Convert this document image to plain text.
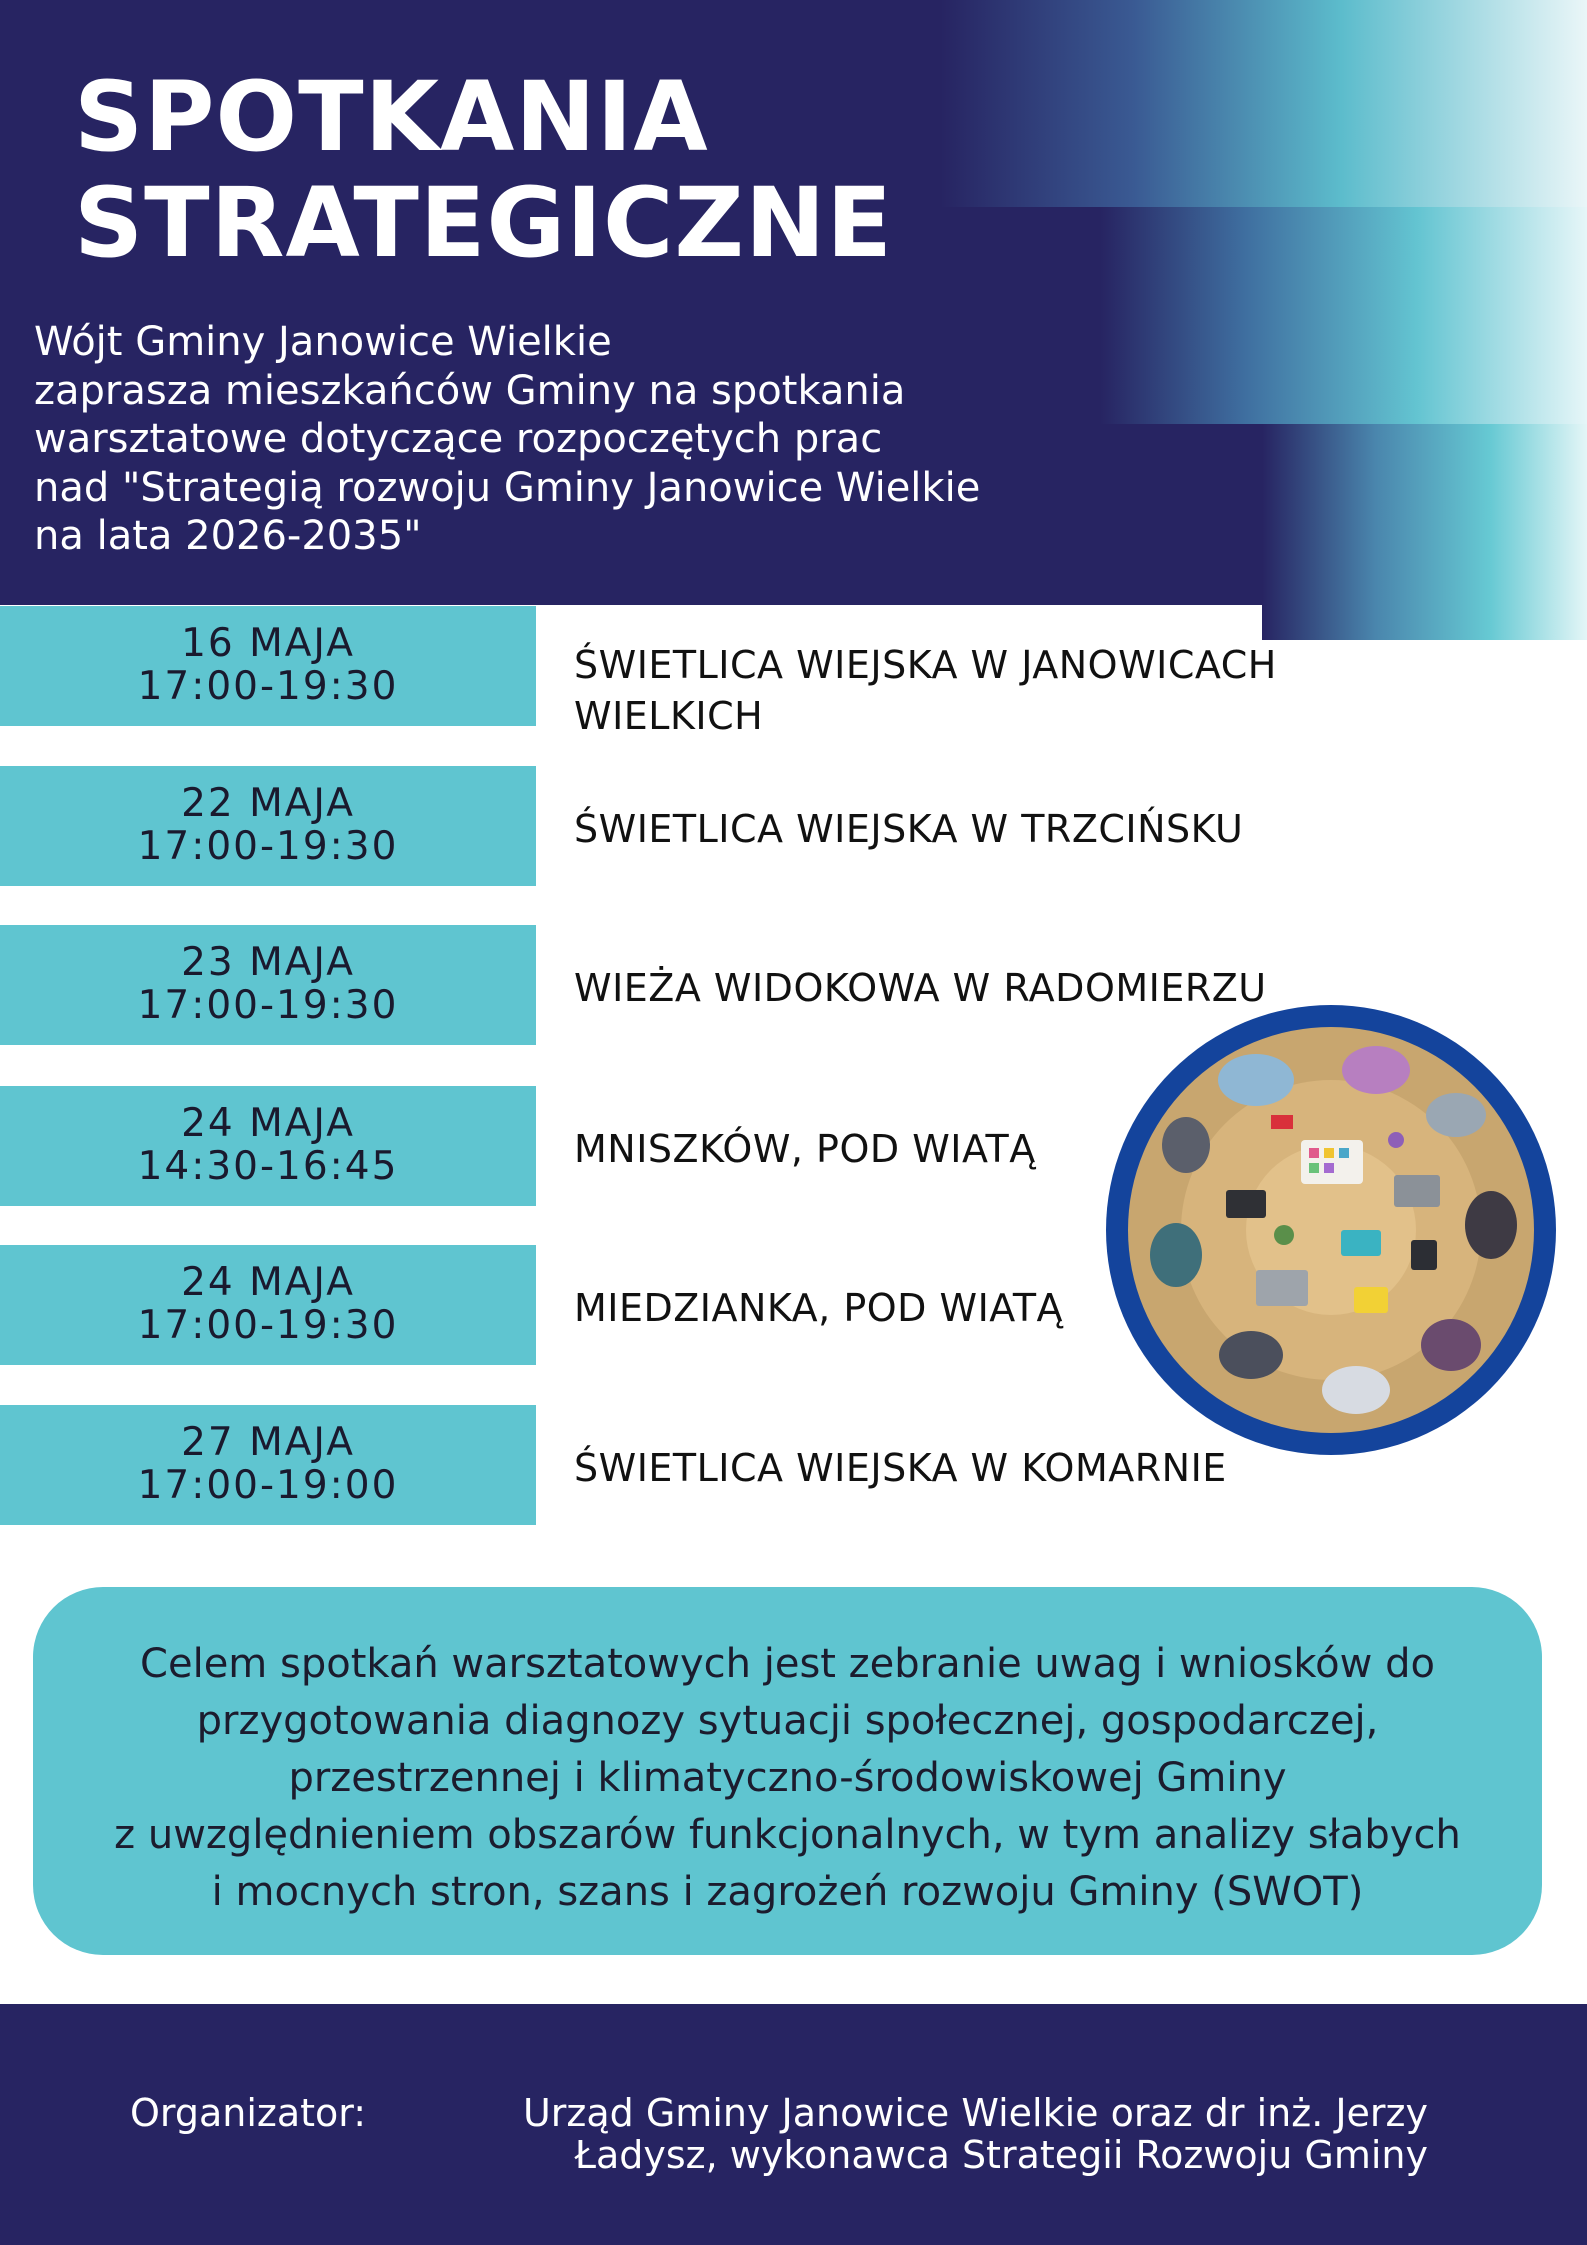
SPOTKANIA
STRATEGICZNE

Wójt Gminy Janowice Wielkie
zaprasza mieszkańców Gminy na spotkania
warsztatowe dotyczące rozpoczętych prac
nad "Strategią rozwoju Gminy Janowice Wielkie
na lata 2026-2035"

16 MAJA
17:00-19:30	ŚWIETLICA WIEJSKA W JANOWICACH WIELKICH
22 MAJA
17:00-19:30	ŚWIETLICA WIEJSKA W TRZCIŃSKU
23 MAJA
17:00-19:30	WIEŻA WIDOKOWA W RADOMIERZU
24 MAJA
14:30-16:45	MNISZKÓW, POD WIATĄ
24 MAJA
17:00-19:30	MIEDZIANKA, POD WIATĄ
27 MAJA
17:00-19:00	ŚWIETLICA WIEJSKA W KOMARNIE

Celem spotkań warsztatowych jest zebranie uwag i wniosków do
przygotowania diagnozy sytuacji społecznej, gospodarczej,
przestrzennej i klimatyczno-środowiskowej Gminy
z uwzględnieniem obszarów funkcjonalnych, w tym analizy słabych
i mocnych stron, szans i zagrożeń rozwoju Gminy (SWOT)

Organizator:	Urząd Gminy Janowice Wielkie oraz dr inż. Jerzy
Ładysz, wykonawca Strategii Rozwoju Gminy
